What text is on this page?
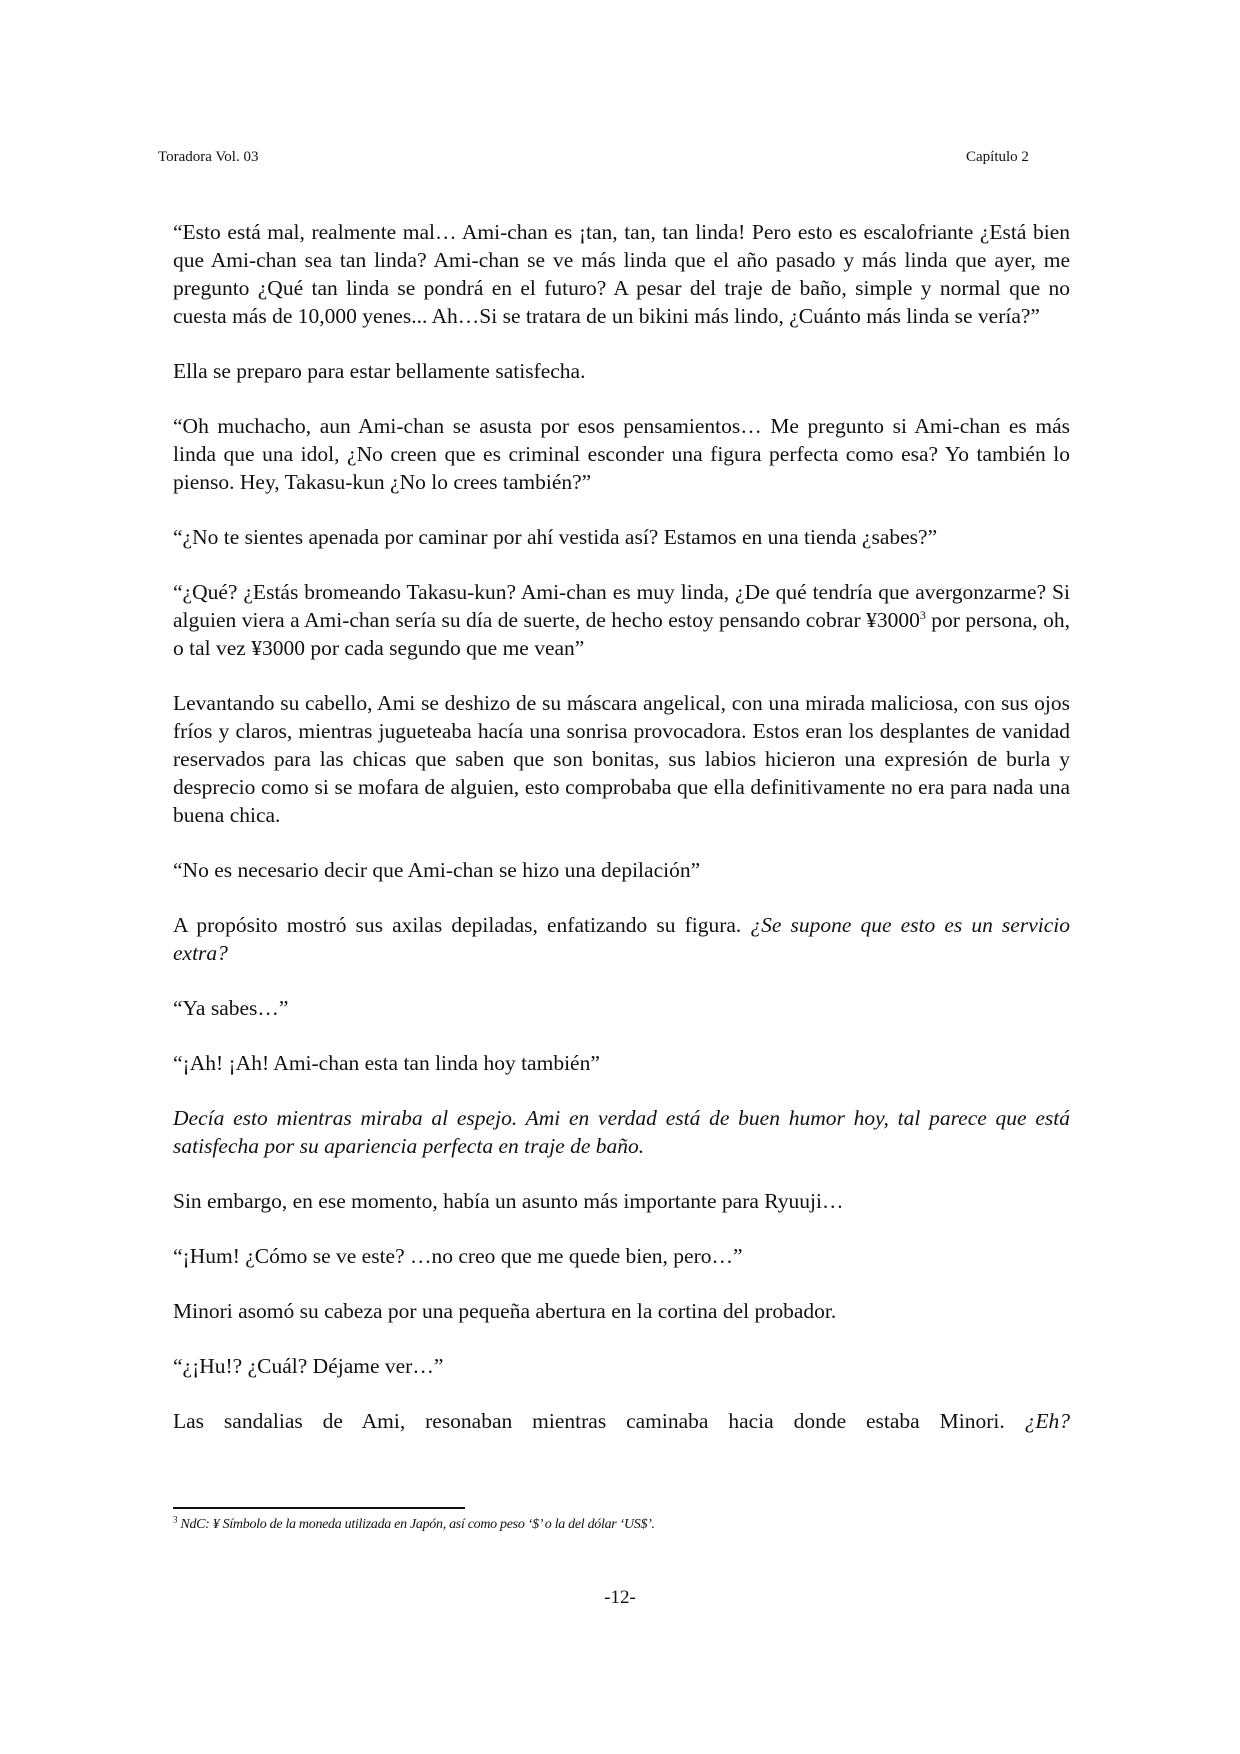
Toradora Vol. 03	Capítulo 2

“Esto está mal, realmente mal… Ami-chan es ¡tan, tan, tan linda! Pero esto es escalofriante ¿Está bien que Ami-chan sea tan linda? Ami-chan se ve más linda que el año pasado y más linda que ayer, me pregunto ¿Qué tan linda se pondrá en el futuro? A pesar del traje de baño, simple y normal que no cuesta más de 10,000 yenes... Ah…Si se tratara de un bikini más lindo, ¿Cuánto más linda se vería?”

Ella se preparo para estar bellamente satisfecha.

“Oh muchacho, aun Ami-chan se asusta por esos pensamientos… Me pregunto si Ami-chan es más linda que una idol, ¿No creen que es criminal esconder una figura perfecta como esa? Yo también lo pienso. Hey, Takasu-kun ¿No lo crees también?”

“¿No te sientes apenada por caminar por ahí vestida así? Estamos en una tienda ¿sabes?”

“¿Qué? ¿Estás bromeando Takasu-kun? Ami-chan es muy linda, ¿De qué tendría que avergonzarme? Si alguien viera a Ami-chan sería su día de suerte, de hecho estoy pensando cobrar ¥3000$^3$ por persona, oh, o tal vez ¥3000 por cada segundo que me vean”

Levantando su cabello, Ami se deshizo de su máscara angelical, con una mirada maliciosa, con sus ojos fríos y claros, mientras jugueteaba hacía una sonrisa provocadora. Estos eran los desplantes de vanidad reservados para las chicas que saben que son bonitas, sus labios hicieron una expresión de burla y desprecio como si se mofara de alguien, esto comprobaba que ella definitivamente no era para nada una buena chica.

“No es necesario decir que Ami-chan se hizo una depilación”

A propósito mostró sus axilas depiladas, enfatizando su figura. ¿Se supone que esto es un servicio extra?

“Ya sabes…”

“¡Ah! ¡Ah! Ami-chan esta tan linda hoy también”

Decía esto mientras miraba al espejo. Ami en verdad está de buen humor hoy, tal parece que está satisfecha por su apariencia perfecta en traje de baño.

Sin embargo, en ese momento, había un asunto más importante para Ryuuji…

“¡Hum! ¿Cómo se ve este? …no creo que me quede bien, pero…”

Minori asomó su cabeza por una pequeña abertura en la cortina del probador.

“¿¡Hu!? ¿Cuál? Déjame ver…”

Las sandalias de Ami, resonaban mientras caminaba hacia donde estaba Minori. ¿Eh?

$^3$ NdC: ¥ Símbolo de la moneda utilizada en Japón, así como peso ‘$’ o la del dólar ‘US$’.
-12-
